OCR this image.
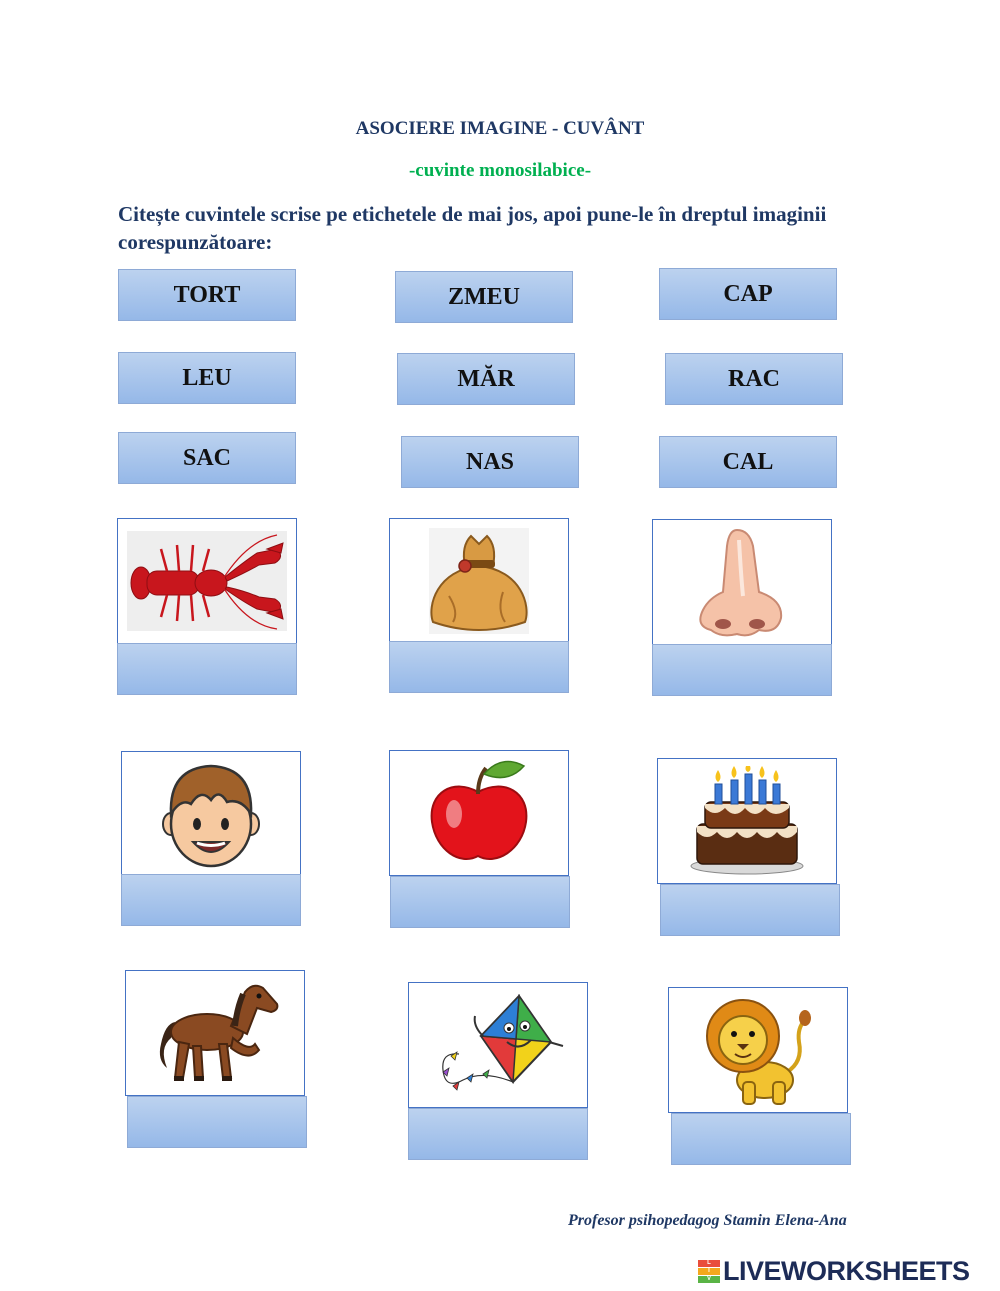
ASOCIERE IMAGINE - CUVÂNT
-cuvinte monosilabice-
Citește cuvintele scrise pe etichetele de mai jos, apoi pune-le în dreptul imaginii corespunzătoare:
TORT	ZMEU	CAP
LEU	MĂR	RAC
SAC	NAS	CAL
Profesor psihopedagog Stamin Elena-Ana
L
I
V LIVEWORKSHEETS
